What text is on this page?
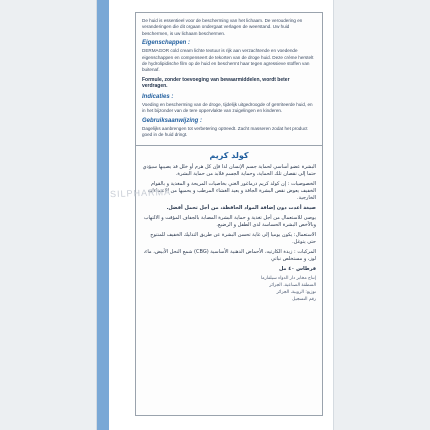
De huid is essentieel voor de bescherming van het lichaam. De veroudering en veranderingen die dit orgaan ondergaat verlagen de weerstand. Uw huid beschermen, is uw lichaam beschermen.

Eigenschappen :

DERMAGOR cold cream lichte textuur is rijk aan verzachtende en voedende eigenschappen en compenseert de tekorten van de droge huid. Deze crème herstelt de hydrolipidische film op de huid en beschermt haar tegen agressieve stoffen van buitenaf.

Formule, zonder toevoeging van bewaarmiddelen, wordt beter verdragen.

Indicaties :

Voeding en bescherming van de droge, tijdelijk uitgedroogde of geïrriteerde huid, en in het bijzonder van de tere oppervlakte van zuigelingen en kinderen.

Gebruiksaanwijzing :

Dagelijks aanbrengen tot verbetering optreedt. Zacht masseren zodat het product goed in de huid dringt.

كولد كريم

البشرة عضو أساسي لحماية جسم الإنسان لذا فإن كل هرم أو خلل قد يصيبها سيؤدي حتما إلى نقصان تلك الحماية، وحماية الجسم فلابد من حماية البشرة.

الخصوصيات : إن كولد كريم درماغور الغني بخاصيات المريحة و المغذية و بالقوام الخفيف يعوض نقص البشرة الجافة و يعيد الغشاء المرطب و يحميها من الاعتداءات الخارجية.

صيغة أعدت دون إضافة المواد الحافظة، من أجل تحمل أفضل.

يوصى للاستعمال من أجل تغذية و حماية البشرة المصابة بالجفاف المؤقت و الالتهاب وبالأخص البشرة الحساسة لدى الطفل و الرضيع.

الاستعمال: يكون يوميا إلى غاية تحسن البشرة عن طريق التدليك الخفيف للمنتوج حتى يتوغل.

المركبات : زبدة الكارتيه، الأحماض الدهنية الأساسية (CBG) شمع النحل الأبيض، ماء، لوز، و مستخلص نباتي

قرطاس ٤٠ مل

إنتاج مخابر دار الدواء سيلفارما

المنطقة الصناعية، الجزائر

توزيع: الرويبة، الجزائر

رقم التسجيل

SILPHARMA
